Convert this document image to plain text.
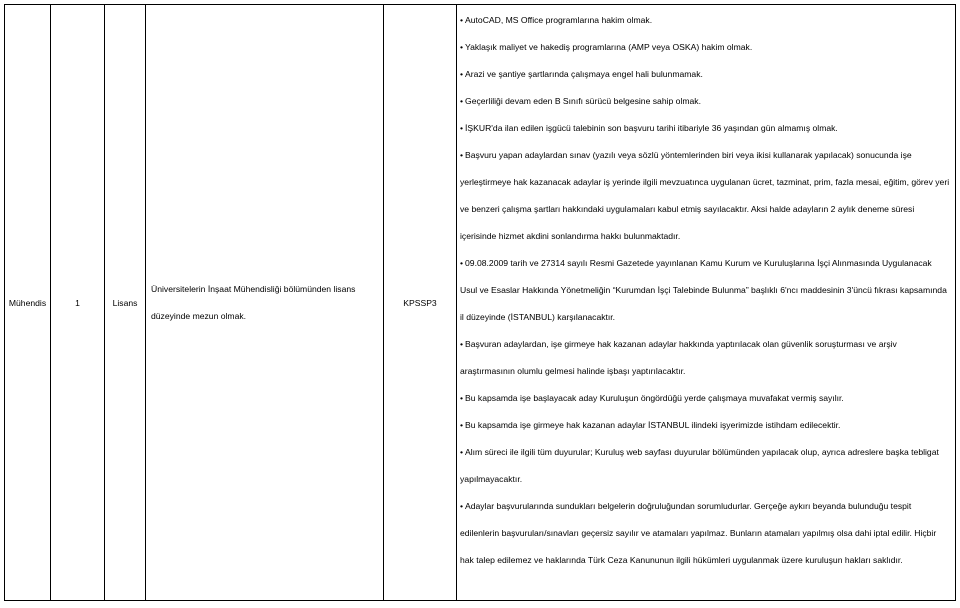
Mühendis	1	Lisans	Üniversitelerin İnşaat Mühendisliği bölümünden lisans düzeyinde mezun olmak.	KPSSP3	
• AutoCAD, MS Office programlarına hakim olmak.
• Yaklaşık maliyet ve hakediş programlarına (AMP veya OSKA) hakim olmak.
• Arazi ve şantiye şartlarında çalışmaya engel hali bulunmamak.
• Geçerliliği devam eden B Sınıfı sürücü belgesine sahip olmak.
• İŞKUR'da ilan edilen işgücü talebinin son başvuru tarihi itibariyle 36 yaşından gün almamış olmak.
• Başvuru yapan adaylardan sınav (yazılı veya sözlü yöntemlerinden biri veya ikisi kullanarak yapılacak) sonucunda işe yerleştirmeye hak kazanacak adaylar iş yerinde ilgili mevzuatınca uygulanan ücret, tazminat, prim, fazla mesai, eğitim, görev yeri ve benzeri çalışma şartları hakkındaki uygulamaları kabul etmiş sayılacaktır. Aksi halde adayların 2 aylık deneme süresi içerisinde hizmet akdini sonlandırma hakkı bulunmaktadır.
• 09.08.2009 tarih ve 27314 sayılı Resmi Gazetede yayınlanan Kamu Kurum ve Kuruluşlarına İşçi Alınmasında Uygulanacak Usul ve Esaslar Hakkında Yönetmeliğin “Kurumdan İşçi Talebinde Bulunma” başlıklı 6'ncı maddesinin 3'üncü fıkrası kapsamında il düzeyinde (İSTANBUL) karşılanacaktır.
• Başvuran adaylardan, işe girmeye hak kazanan adaylar hakkında yaptırılacak olan güvenlik soruşturması ve arşiv araştırmasının olumlu gelmesi halinde işbaşı yaptırılacaktır.
• Bu kapsamda işe başlayacak aday Kuruluşun öngördüğü yerde çalışmaya muvafakat vermiş sayılır.
• Bu kapsamda işe girmeye hak kazanan adaylar İSTANBUL ilindeki işyerimizde istihdam edilecektir.
• Alım süreci ile ilgili tüm duyurular; Kuruluş web sayfası duyurular bölümünden yapılacak olup, ayrıca adreslere başka tebligat yapılmayacaktır.
• Adaylar başvurularında sundukları belgelerin doğruluğundan sorumludurlar. Gerçeğe aykırı beyanda bulunduğu tespit edilenlerin başvuruları/sınavları geçersiz sayılır ve atamaları yapılmaz. Bunların atamaları yapılmış olsa dahi iptal edilir. Hiçbir hak talep edilemez ve haklarında Türk Ceza Kanununun ilgili hükümleri uygulanmak üzere kuruluşun hakları saklıdır.
